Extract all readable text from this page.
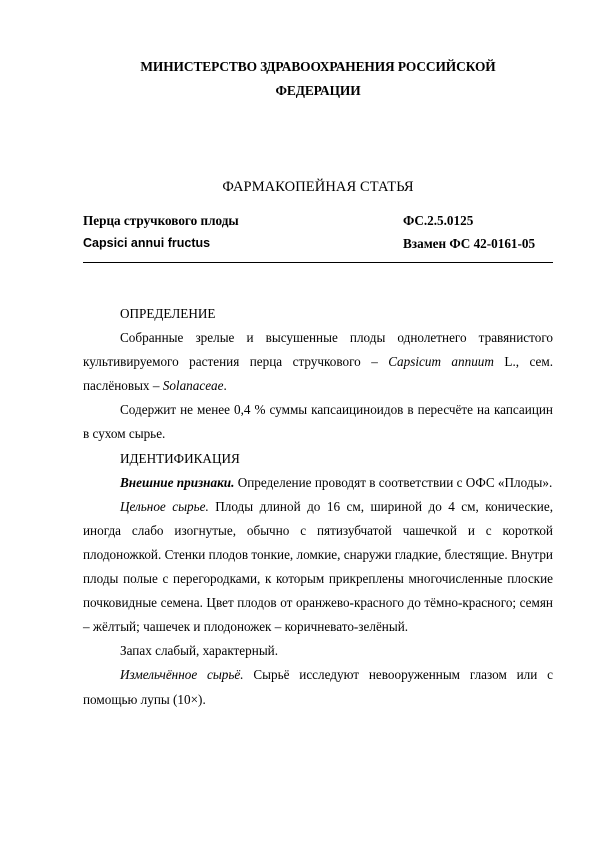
МИНИСТЕРСТВО ЗДРАВООХРАНЕНИЯ РОССИЙСКОЙ
ФЕДЕРАЦИИ
ФАРМАКОПЕЙНАЯ СТАТЬЯ
Перца стручкового плоды	ФС.2.5.0125
Capsici annui fructus	Взамен ФС 42-0161-05

ОПРЕДЕЛЕНИЕ

Собранные зрелые и высушенные плоды однолетнего травянистого культивируемого растения перца стручкового – Capsicum annuum L., сем. паслёновых – Solanaceae.

Содержит не менее 0,4 % суммы капсаициноидов в пересчёте на капсаицин в сухом сырье.

ИДЕНТИФИКАЦИЯ

Внешние признаки. Определение проводят в соответствии с ОФС «Плоды».

Цельное сырье. Плоды длиной до 16 см, шириной до 4 см, конические, иногда слабо изогнутые, обычно с пятизубчатой чашечкой и с короткой плодоножкой. Стенки плодов тонкие, ломкие, снаружи гладкие, блестящие. Внутри плоды полые с перегородками, к которым прикреплены многочисленные плоские почковидные семена. Цвет плодов от оранжево-красного до тёмно-красного; семян – жёлтый; чашечек и плодоножек – коричневато-зелёный.

Запах слабый, характерный.

Измельчённое сырьё. Сырьё исследуют невооруженным глазом или с помощью лупы (10×).
